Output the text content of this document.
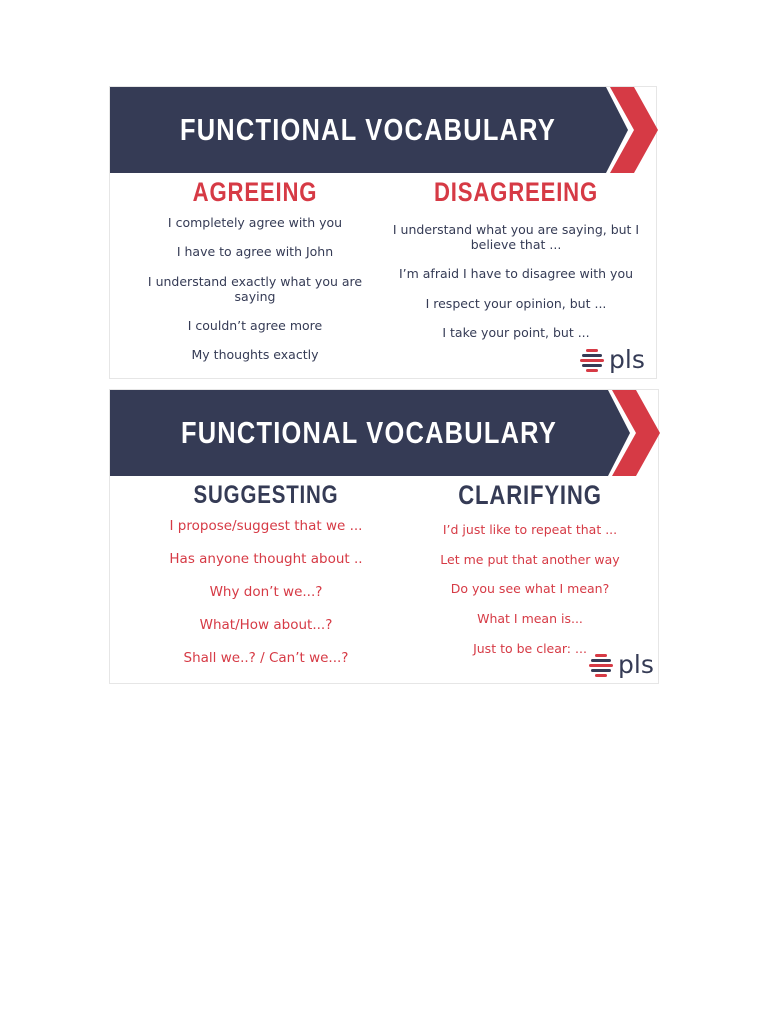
FUNCTIONAL VOCABULARY
AGREEING
I completely agree with you
I have to agree with John
I understand exactly what you are saying
I couldn’t agree more
My thoughts exactly
DISAGREEING
I understand what you are saying, but I believe that ...
I’m afraid I have to disagree with you
I respect your opinion, but ...
I take your point, but ...
pls
FUNCTIONAL VOCABULARY
SUGGESTING
I propose/suggest that we ...
Has anyone thought about ..
Why don’t we...?
What/How about...?
Shall we..? / Can’t we...?
CLARIFYING
I’d just like to repeat that ...
Let me put that another way
Do you see what I mean?
What I mean is...
Just to be clear: ...
pls
